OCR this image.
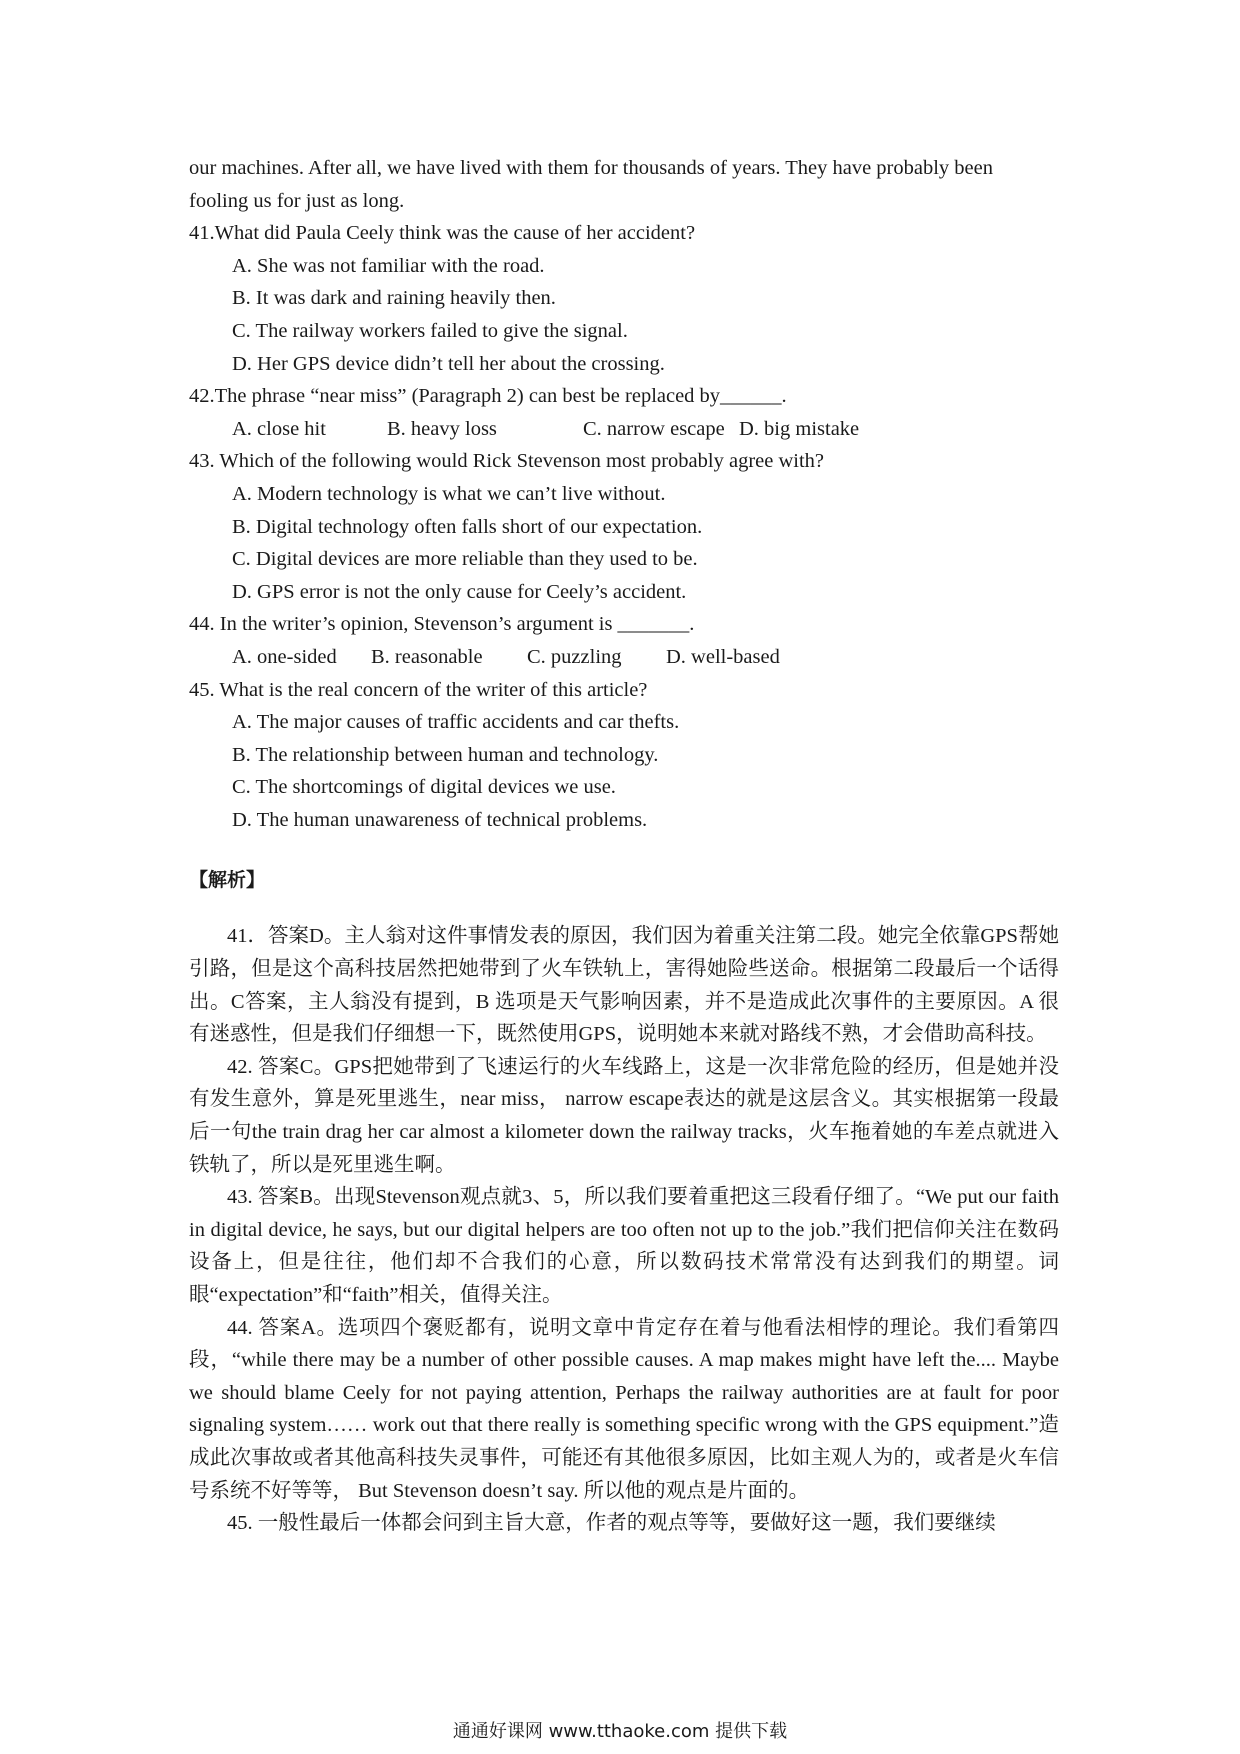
our machines. After all, we have lived with them for thousands of years. They have probably been
fooling us for just as long.
41.What did Paula Ceely think was the cause of her accident?
A. She was not familiar with the road.
B. It was dark and raining heavily then.
C. The railway workers failed to give the signal.
D. Her GPS device didn’t tell her about the crossing.
42.The phrase “near miss” (Paragraph 2) can best be replaced by______.
A. close hit	B. heavy loss	C. narrow escape D. big mistake
43. Which of the following would Rick Stevenson most probably agree with?
A. Modern technology is what we can’t live without.
B. Digital technology often falls short of our expectation.
C. Digital devices are more reliable than they used to be.
D. GPS error is not the only cause for Ceely’s accident.
44. In the writer’s opinion, Stevenson’s argument is _______.
A. one-sided	B. reasonable	C. puzzling	D. well-based
45. What is the real concern of the writer of this article?
A. The major causes of traffic accidents and car thefts.
B. The relationship between human and technology.
C. The shortcomings of digital devices we use.
D. The human unawareness of technical problems.
【解析】

41．答案D。主人翁对这件事情发表的原因，我们因为着重关注第二段。她完全依靠GPS帮她引路，但是这个高科技居然把她带到了火车铁轨上，害得她险些送命。根据第二段最后一个话得出。C答案，主人翁没有提到，B 选项是天气影响因素，并不是造成此次事件的主要原因。A 很有迷惑性，但是我们仔细想一下，既然使用GPS，说明她本来就对路线不熟，才会借助高科技。

42. 答案C。GPS把她带到了飞速运行的火车线路上，这是一次非常危险的经历，但是她并没有发生意外，算是死里逃生，near miss， narrow escape表达的就是这层含义。其实根据第一段最后一句the train drag her car almost a kilometer down the railway tracks，火车拖着她的车差点就进入铁轨了，所以是死里逃生啊。

43. 答案B。出现Stevenson观点就3、5，所以我们要着重把这三段看仔细了。“We put our faith in digital device, he says, but our digital helpers are too often not up to the job.”我们把信仰关注在数码设备上，但是往往，他们却不合我们的心意，所以数码技术常常没有达到我们的期望。词眼“expectation”和“faith”相关，值得关注。

44. 答案A。选项四个褒贬都有，说明文章中肯定存在着与他看法相悖的理论。我们看第四段，“while there may be a number of other possible causes. A map makes might have left the.... Maybe we should blame Ceely for not paying attention, Perhaps the railway authorities are at fault for poor signaling system…… work out that there really is something specific wrong with the GPS equipment.”造成此次事故或者其他高科技失灵事件，可能还有其他很多原因，比如主观人为的，或者是火车信号系统不好等等， But Stevenson doesn’t say. 所以他的观点是片面的。

45. 一般性最后一体都会问到主旨大意，作者的观点等等，要做好这一题，我们要继续

通通好课网 www.tthaoke.com 提供下载
